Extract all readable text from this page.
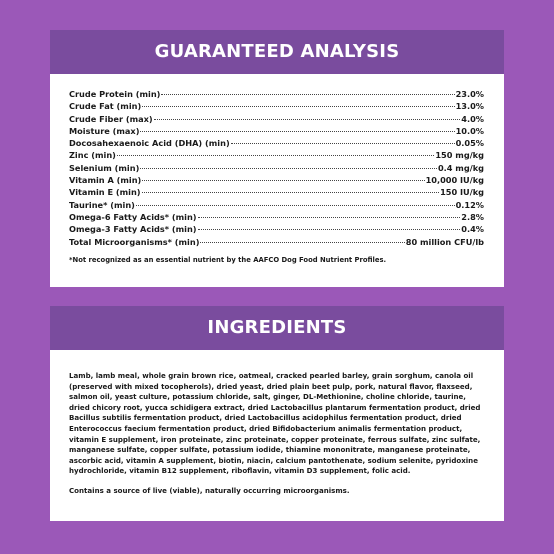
GUARANTEED ANALYSIS
Crude Protein (min)	23.0%
Crude Fat (min)	13.0%
Crude Fiber (max)	4.0%
Moisture (max)	10.0%
Docosahexaenoic Acid (DHA) (min)	0.05%
Zinc (min)	150 mg/kg
Selenium (min)	0.4 mg/kg
Vitamin A (min)	10,000 IU/kg
Vitamin E (min)	150 IU/kg
Taurine* (min)	0.12%
Omega-6 Fatty Acids* (min)	2.8%
Omega-3 Fatty Acids* (min)	0.4%
Total Microorganisms* (min)	80 million CFU/lb
*Not recognized as an essential nutrient by the AAFCO Dog Food Nutrient Profiles.
INGREDIENTS
Lamb, lamb meal, whole grain brown rice, oatmeal, cracked pearled barley, grain sorghum, canola oil (preserved with mixed tocopherols), dried yeast, dried plain beet pulp, pork, natural flavor, flaxseed, salmon oil, yeast culture, potassium chloride, salt, ginger, DL-Methionine, choline chloride, taurine, dried chicory root, yucca schidigera extract, dried Lactobacillus plantarum fermentation product, dried Bacillus subtilis fermentation product, dried Lactobacillus acidophilus fermentation product, dried Enterococcus faecium fermentation product, dried Bifidobacterium animalis fermentation product, vitamin E supplement, iron proteinate, zinc proteinate, copper proteinate, ferrous sulfate, zinc sulfate, manganese sulfate, copper sulfate, potassium iodide, thiamine mononitrate, manganese proteinate, ascorbic acid, vitamin A supplement, biotin, niacin, calcium pantothenate, sodium selenite, pyridoxine hydrochloride, vitamin B12 supplement, riboflavin, vitamin D3 supplement, folic acid.
Contains a source of live (viable), naturally occurring microorganisms.
